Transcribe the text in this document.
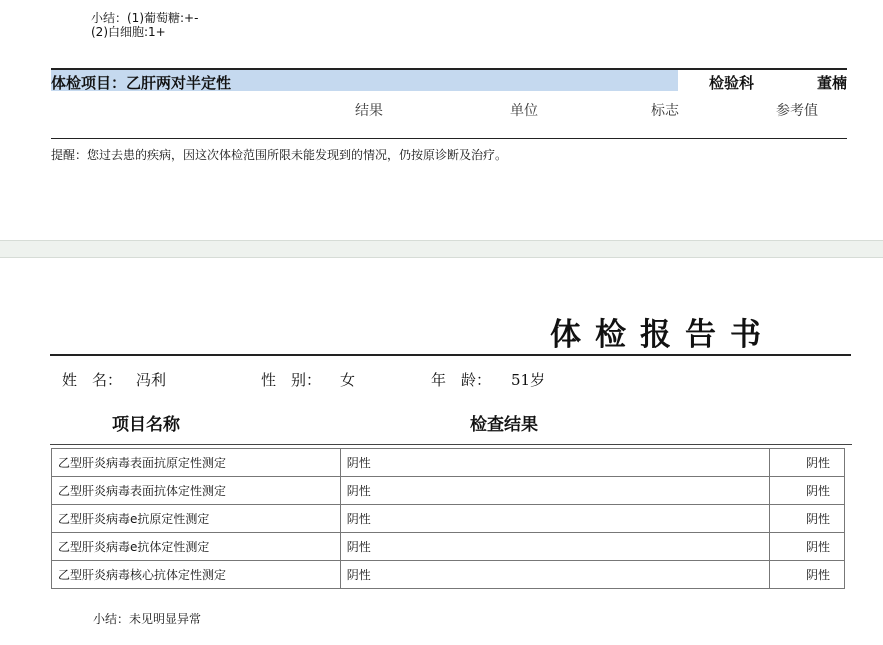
小结：(1)葡萄糖:+-
(2)白细胞:1+
体检项目：乙肝两对半定性	检验科	董楠
结果	单位	标志	参考值
提醒：您过去患的疾病，因这次体检范围所限未能发现到的情况，仍按原诊断及治疗。
体检报告书
姓　名： 冯利	性　别： 女	年　龄： 51岁
项目名称	检查结果
乙型肝炎病毒表面抗原定性测定	阴性	阴性
乙型肝炎病毒表面抗体定性测定	阴性	阴性
乙型肝炎病毒e抗原定性测定	阴性	阴性
乙型肝炎病毒e抗体定性测定	阴性	阴性
乙型肝炎病毒核心抗体定性测定	阴性	阴性
小结：未见明显异常
